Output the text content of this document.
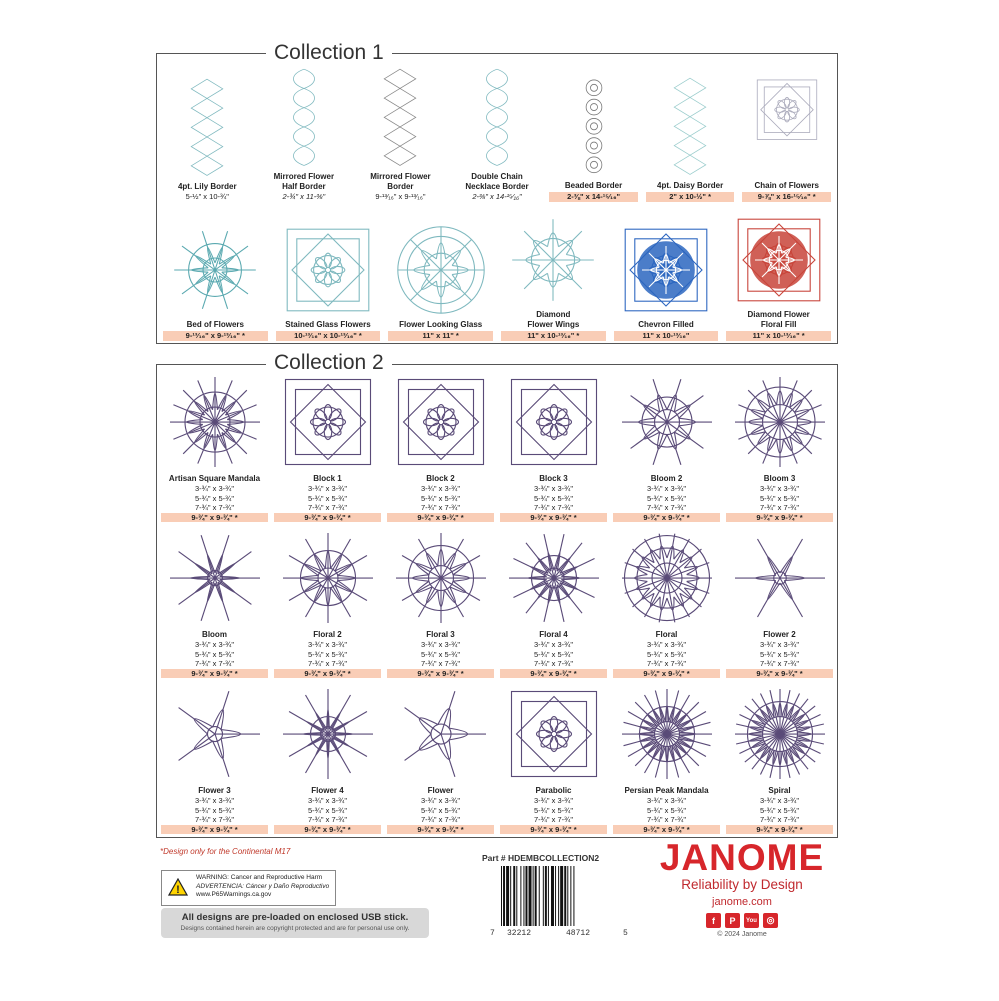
Collection 1
4pt. Lily Border
5-½" x 10-¾"
Mirrored Flower
Half Border
2-¾" x 11-⅜"
Mirrored Flower
Border
9-¹³⁄₁₆" x 9-¹³⁄₁₆"
Double Chain
Necklace Border
2-⅜" x 14-¹⁵⁄₁₆"
Beaded Border
2-⅜" x 14-¹⁵⁄₁₆"
4pt. Daisy Border
2" x 10-½" *
Chain of Flowers
9-⅞" x 16-¹⁵⁄₁₆" *
Bed of Flowers
9-¹³⁄₁₆" x 9-¹³⁄₁₆" *
Stained Glass Flowers
10-¹³⁄₁₆" x 10-¹³⁄₁₆" *
Flower Looking Glass
11" x 11" *
Diamond
Flower Wings
11" x 10-¹³⁄₁₆" *
Chevron Filled
11" x 10-¹³⁄₁₆"
Diamond Flower
Floral Fill
11" x 10-¹³⁄₁₆" *
Collection 2
Artisan Square Mandala
3-¾" x 3-¾"
5-¾" x 5-¾"
7-¾" x 7-¾"
9-¾" x 9-¾" *
Block 1
3-¾" x 3-¾"
5-¾" x 5-¾"
7-¾" x 7-¾"
9-¾" x 9-¾" *
Block 2
3-¾" x 3-¾"
5-¾" x 5-¾"
7-¾" x 7-¾"
9-¾" x 9-¾" *
Block 3
3-¾" x 3-¾"
5-¾" x 5-¾"
7-¾" x 7-¾"
9-¾" x 9-¾" *
Bloom 2
3-¾" x 3-¾"
5-¾" x 5-¾"
7-¾" x 7-¾"
9-¾" x 9-¾" *
Bloom 3
3-¾" x 3-¾"
5-¾" x 5-¾"
7-¾" x 7-¾"
9-¾" x 9-¾" *
Bloom
3-¾" x 3-¾"
5-¾" x 5-¾"
7-¾" x 7-¾"
9-¾" x 9-¾" *
Floral 2
3-¾" x 3-¾"
5-¾" x 5-¾"
7-¾" x 7-¾"
9-¾" x 9-¾" *
Floral 3
3-¾" x 3-¾"
5-¾" x 5-¾"
7-¾" x 7-¾"
9-¾" x 9-¾" *
Floral 4
3-¾" x 3-¾"
5-¾" x 5-¾"
7-¾" x 7-¾"
9-¾" x 9-¾" *
Floral
3-¾" x 3-¾"
5-¾" x 5-¾"
7-¾" x 7-¾"
9-¾" x 9-¾" *
Flower 2
3-¾" x 3-¾"
5-¾" x 5-¾"
7-¾" x 7-¾"
9-¾" x 9-¾" *
Flower 3
3-¾" x 3-¾"
5-¾" x 5-¾"
7-¾" x 7-¾"
9-¾" x 9-¾" *
Flower 4
3-¾" x 3-¾"
5-¾" x 5-¾"
7-¾" x 7-¾"
9-¾" x 9-¾" *
Flower
3-¾" x 3-¾"
5-¾" x 5-¾"
7-¾" x 7-¾"
9-¾" x 9-¾" *
Parabolic
3-¾" x 3-¾"
5-¾" x 5-¾"
7-¾" x 7-¾"
9-¾" x 9-¾" *
Persian Peak Mandala
3-¾" x 3-¾"
5-¾" x 5-¾"
7-¾" x 7-¾"
9-¾" x 9-¾" *
Spiral
3-¾" x 3-¾"
5-¾" x 5-¾"
7-¾" x 7-¾"
9-¾" x 9-¾" *
*Design only for the Continental M17
!
WARNING: Cancer and Reproductive Harm
ADVERTENCIA: Cáncer y Daño Reproductivo
www.P65Warnings.ca.gov
All designs are pre-loaded on enclosed USB stick.
Designs contained herein are copyright protected and are for personal use only.
Part # HDEMBCOLLECTION2
7 32212	48712	5
JANOME
Reliability by Design
janome.com
f	P	You	◎
© 2024 Janome
